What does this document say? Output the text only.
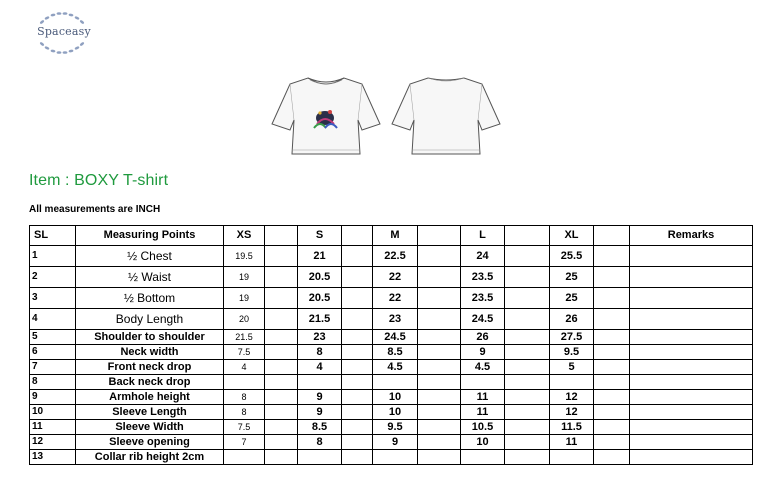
Spaceasy
Item : BOXY T-shirt
All measurements are INCH
SL	Measuring Points	XS		S		M		L		XL		Remarks
1	½ Chest	19.5		21		22.5		24		25.5		
2	½ Waist	19		20.5		22		23.5		25		
3	½ Bottom	19		20.5		22		23.5		25		
4	Body Length	20		21.5		23		24.5		26		
5	Shoulder to shoulder	21.5		23		24.5		26		27.5		
6	Neck width	7.5		8		8.5		9		9.5		
7	Front neck drop	4		4		4.5		4.5		5		
8	Back neck drop											
9	Armhole height	8		9		10		11		12		
10	Sleeve Length	8		9		10		11		12		
11	Sleeve Width	7.5		8.5		9.5		10.5		11.5		
12	Sleeve opening	7		8		9		10		11		
13	Collar rib height 2cm											
